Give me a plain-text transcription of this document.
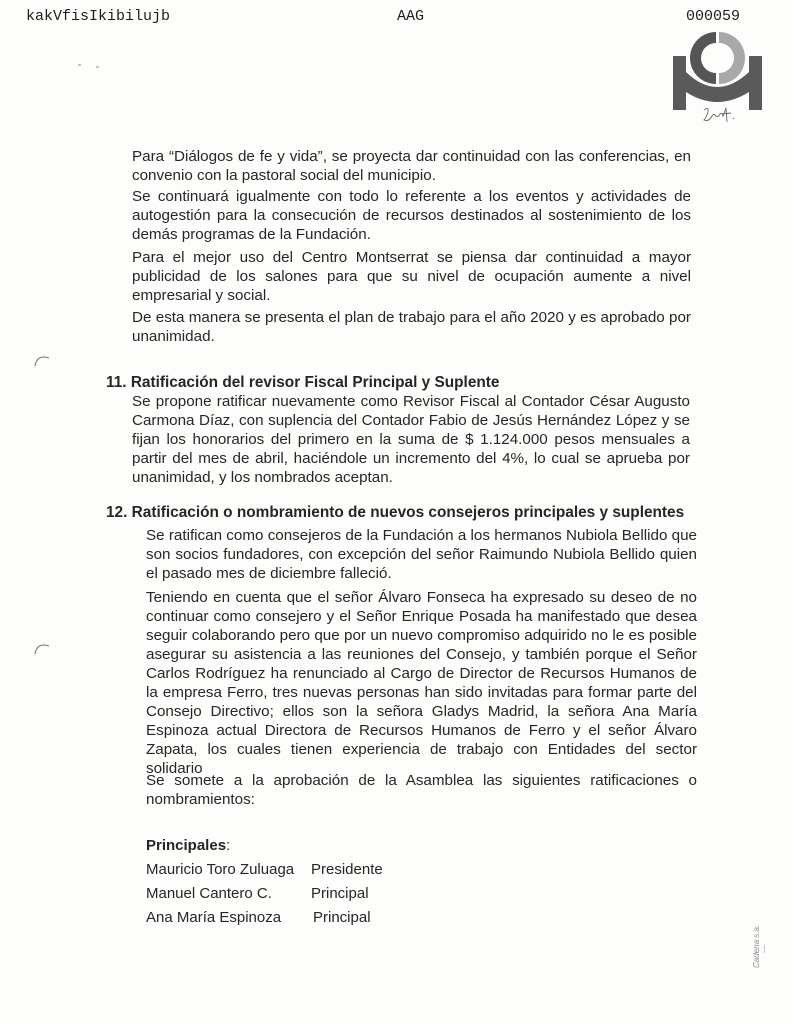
kakVfisIkibilujb	AAG	000059
Para “Diálogos de fe y vida”, se proyecta dar continuidad con las conferencias, en convenio con la pastoral social del municipio.
Se continuará igualmente con todo lo referente a los eventos y actividades de autogestión para la consecución de recursos destinados al sostenimiento de los demás programas de la Fundación.
Para el mejor uso del Centro Montserrat se piensa dar continuidad a mayor publicidad de los salones para que su nivel de ocupación aumente a nivel empresarial y social.
De esta manera se presenta el plan de trabajo para el año 2020 y es aprobado por unanimidad.
11. Ratificación del revisor Fiscal Principal y Suplente
Se propone ratificar nuevamente como Revisor Fiscal al Contador César Augusto Carmona Díaz, con suplencia del Contador Fabio de Jesús Hernández López y se fijan los honorarios del primero en la suma de $ 1.124.000 pesos mensuales a partir del mes de abril, haciéndole un incremento del 4%, lo cual se aprueba por unanimidad, y los nombrados aceptan.
12. Ratificación o nombramiento de nuevos consejeros principales y suplentes
Se ratifican como consejeros de la Fundación a los hermanos Nubiola Bellido que son socios fundadores, con excepción del señor Raimundo Nubiola Bellido quien el pasado mes de diciembre falleció.
Teniendo en cuenta que el señor Álvaro Fonseca ha expresado su deseo de no continuar como consejero y el Señor Enrique Posada ha manifestado que desea seguir colaborando pero que por un nuevo compromiso adquirido no le es posible asegurar su asistencia a las reuniones del Consejo, y también porque el Señor Carlos Rodríguez ha renunciado al Cargo de Director de Recursos Humanos de la empresa Ferro, tres nuevas personas han sido invitadas para formar parte del Consejo Directivo; ellos son la señora Gladys Madrid, la señora Ana María Espinoza actual Directora de Recursos Humanos de Ferro y el señor Álvaro Zapata, los cuales tienen experiencia de trabajo con Entidades del sector solidario
Se somete a la aprobación de la Asamblea las siguientes ratificaciones o nombramientos:
Principales:
Mauricio Toro Zuluaga Presidente
Manuel Cantero C.	Principal
Ana María Espinoza Principal
Cadena s.a.
